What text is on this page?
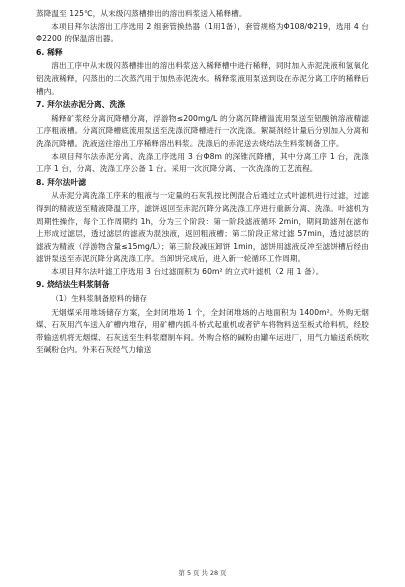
蒸降温至 125℃，从末级闪蒸槽排出的溶出料浆送入稀释槽。

本项目拜尔法溶出工序选用 2 组套管换热器（1用1备），套管规格为Φ108/Φ219，选用 4 台Φ2200 的保温溶出器。

6. 稀释

溶出工序中从末级闪蒸槽排出的溶出料浆送入稀释槽中进行稀释，同时加入赤泥洗液和氢氧化铝洗液稀释，闪蒸出的二次蒸汽用于加热赤泥洗水。稀释浆液用泵送到设在赤泥分离工序的稀释后槽内。

7. 拜尔法赤泥分离、洗涤

稀释矿浆经分离沉降槽分离，浮游物≤200mg/L 的分离沉降槽溢流用泵送至铝酸钠溶液精滤工序粗液槽。分离沉降槽底流用泵送至洗涤沉降槽进行一次洗涤。絮凝剂经计量后分别加入分离和洗涤沉降槽。洗液送往溶出工序稀释溶出料浆。洗涤后的赤泥送去烧结法生料浆制备工序。

本项目拜尔法赤泥分离、洗涤工序选用 3 台Φ8m 的深锥沉降槽，其中分离工序 1 台，洗涤工序 1 台，分离、洗涤工序公备 1 台。采用一次沉降分离、一次洗涤的工艺流程。

8. 拜尔法叶滤

从赤泥分离洗涤工序来的粗液与一定量的石灰乳按比例混合后通过立式叶滤机进行过滤，过滤得到的精液送至精液降温工序，滤饼返回至赤泥沉降分离洗涤工序进行重新分离、洗涤。叶滤机为周期性操作，每个工作周期约 1h，分为三个阶段：第一阶段滤液循环 2min，期间助滤剂在滤布上形成过滤层，透过滤层的滤液为混浊液，返回粗液槽；第二阶段正常过滤 57min，透过滤层的滤液为精液（浮游物含量≤15mg/L）；第三阶段减压卸饼 1min，滤饼用滤液反冲至滤饼槽后经由滤饼泵送至赤泥沉降分离洗涤工序。当卸饼完成后，进入新一轮循环工作周期。

本项目拜尔法叶滤工序选用 3 台过滤面积为 60m² 的立式叶滤机（2 用 1 备）。

9. 烧结法生料浆制备

（1）生料浆制备原料的储存

无烟煤采用堆场储存方案，全封闭堆场 1 个，全封闭堆场的占地面积为 1400m²。外购无烟煤、石灰用汽车送入矿槽内堆存，用矿槽内抓斗桥式起重机或者铲车将物料送至板式给料机，经胶带输送机将无烟煤、石灰送至生料浆磨制车间。外购合格的碱粉由罐车运进厂，用气力输送系统吹至碱粉仓内。外来石灰经气力输送

第 5 页 共 28 页
